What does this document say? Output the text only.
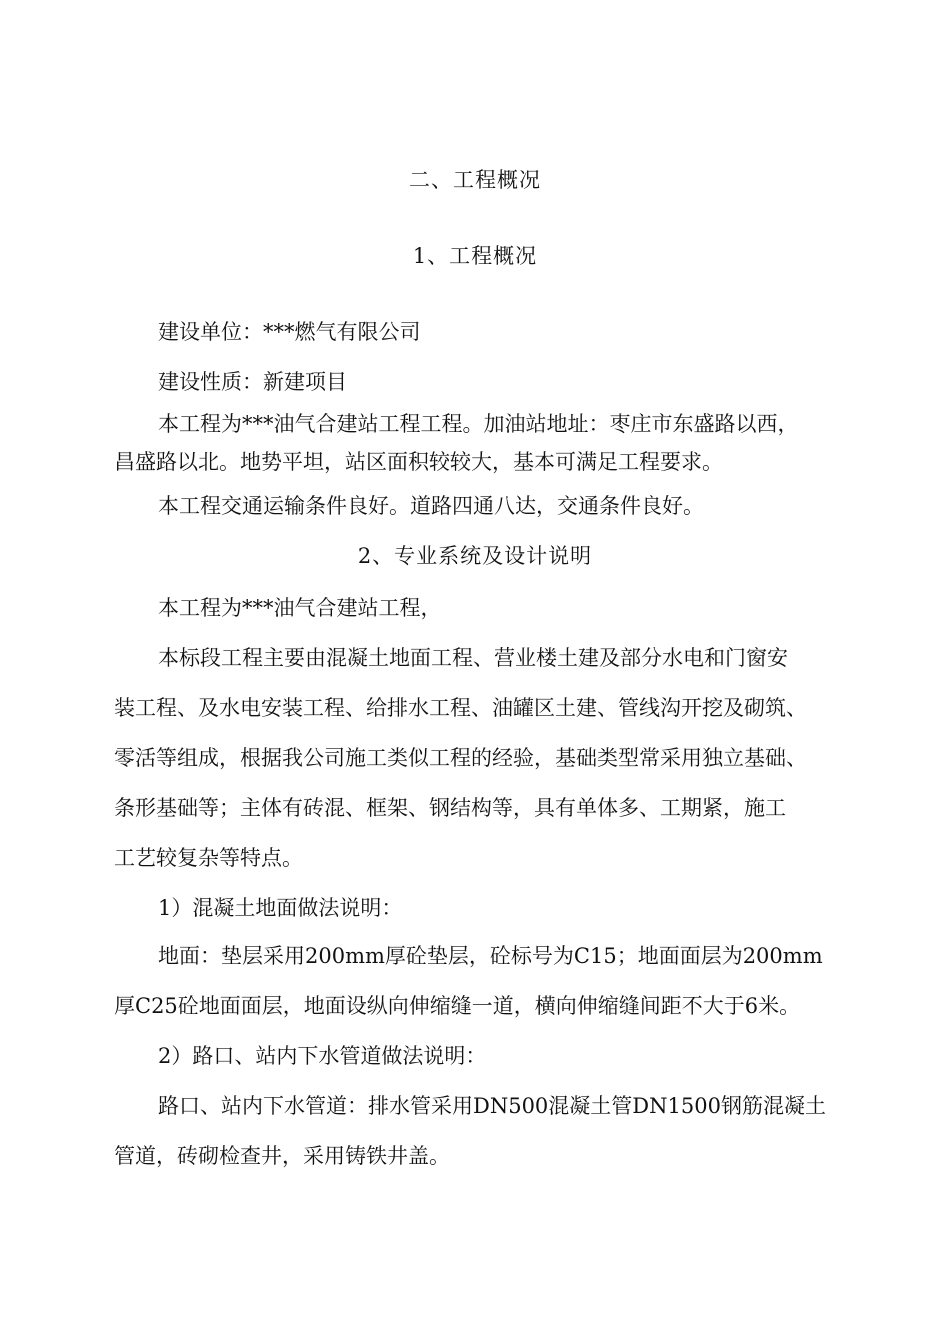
二、工程概况
1、工程概况
建设单位：***燃气有限公司
建设性质：新建项目
本工程为***油气合建站工程工程。加油站地址：枣庄市东盛路以西，
昌盛路以北。地势平坦，站区面积较较大，基本可满足工程要求。
本工程交通运输条件良好。道路四通八达，交通条件良好。
2、专业系统及设计说明
本工程为***油气合建站工程，
本标段工程主要由混凝土地面工程、营业楼土建及部分水电和门窗安
装工程、及水电安装工程、给排水工程、油罐区土建、管线沟开挖及砌筑、
零活等组成，根据我公司施工类似工程的经验，基础类型常采用独立基础、
条形基础等；主体有砖混、框架、钢结构等，具有单体多、工期紧，施工
工艺较复杂等特点。
1）混凝土地面做法说明：
地面：垫层采用200mm厚砼垫层，砼标号为C15；地面面层为200mm
厚C25砼地面面层，地面设纵向伸缩缝一道，横向伸缩缝间距不大于6米。
2）路口、站内下水管道做法说明：
路口、站内下水管道：排水管采用DN500混凝土管DN1500钢筋混凝土
管道，砖砌检查井，采用铸铁井盖。
